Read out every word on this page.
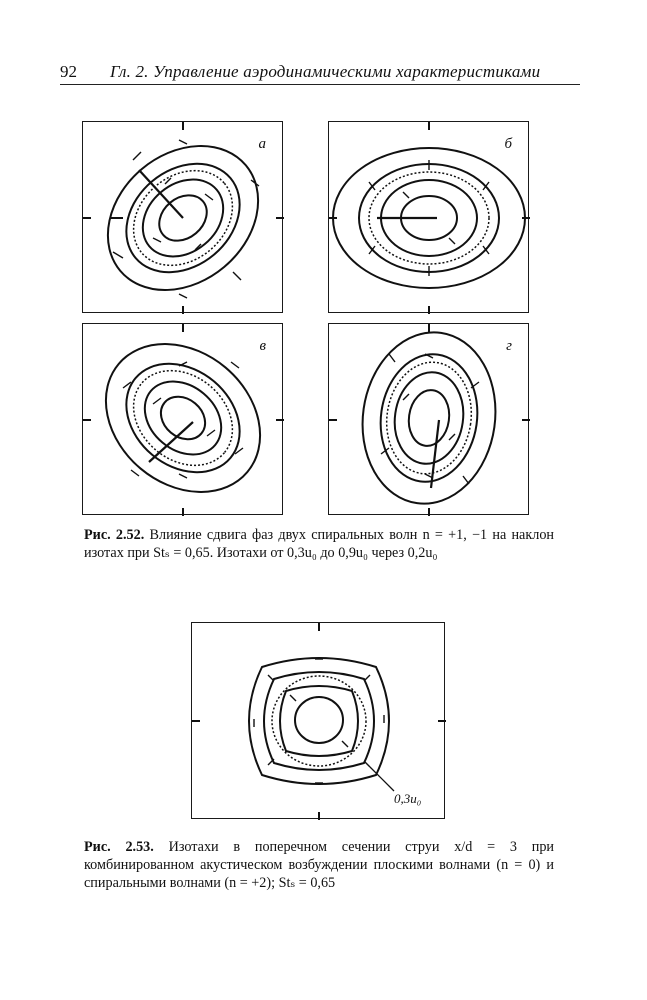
92 Гл. 2. Управление аэродинамическими характеристиками
а	б
в	г
Рис. 2.52. Влияние сдвига фаз двух спиральных волн n = +1, −1 на наклон изотах при Stₛ = 0,65. Изотахи от 0,3u₀ до 0,9u₀ через 0,2u₀
0,3u₀
Рис. 2.53. Изотахи в поперечном сечении струи x/d = 3 при комбинированном акустическом возбуждении плоскими волнами (n = 0) и спиральными волнами (n = +2); Stₛ = 0,65
